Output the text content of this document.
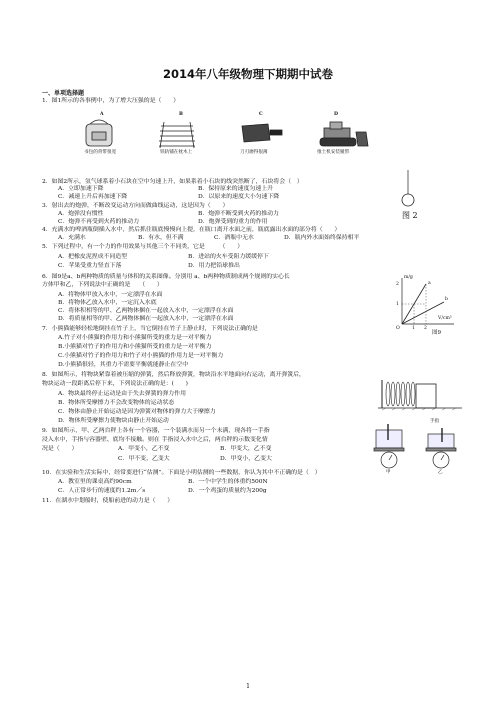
2014年八年级物理下期期中试卷
一、单项选择题
1．图1所示的各事例中，为了增大压强的是（　　）
A	B	C	D
书包的背带很宽	铁轨铺在枕木上	刀刃磨得很薄	推土机安装履带
2．如图2所示，氢气球系着小石块在空中匀速上升，如果系着小石块的线突然断了，石块将会（　）
A．立即加速下降	B．保持原来的速度匀速上升
C．减速上升后再加速下降	D．以原来的速度大小匀速下降
图 2
3．射出去的炮弹，不断改变运动方向而做曲线运动，这是因为（　　）
A．炮弹没有惯性	B．炮弹不断受到火药的推动力
C．炮弹不再受到火药的推动力	D．炮弹受到的重力的作用
4．充满水的啤酒瓶倒插入水中，然后抓住瓶底慢慢向上提，在瓶口离开水面之前，瓶底露出水面的部分将（　　）
A．充满水	B．有水，但不满	C．酒瓶中无水	D．瓶内外水面始终保持相平
5．下列过程中，有一个力的作用效果与其他三个不同类，它是　　　（　　）
A．把橡皮泥捏成不同造型	B．进站的火车受阻力缓缓停下
C．苹果受重力竖直下落	D．用力把铅球推出
6．图9是a、b两种物质的质量与体积的关系图像。分别用 a、b两种物质制成两个规则的实心长
方体甲和乙，下列说法中正确的是　　（　　）
A．将物体甲放入水中，一定漂浮在水面
B．将物体乙放入水中，一定沉入水底
C．将体积相等的甲、乙两物体捆在一起放入水中，一定漂浮在水面
D．将质量相等的甲、乙两物体捆在一起放入水中，一定漂浮在水面
m/g
V/cm³
2
1
1 2
O
a
b
图9
7．小熊猫能够轻松地倒挂在竹子上，当它倒挂在竹子上静止时，下列说法正确的是
A.竹子对小熊猫的作用力和小熊猫所受的重力是一对平衡力
B.小熊猫对竹子的作用力和小熊猫所受的重力是一对平衡力
C.小熊猫对竹子的作用力和竹子对小熊猫的作用力是一对平衡力
D.小熊猫很轻，其重力不需要平衡就能静止在空中
8．如图所示，将物块紧靠着被压缩的弹簧，然后释放弹簧，物块沿水平地面向右运动，离开弹簧后，
物块运动一段距离后停下来，下列说法正确的是：(　　)
A．物块最终停止运动是由于失去弹簧的弹力作用
B．物体所受摩擦力不会改变物体的运动状态
C．物体由静止开始运动是因为弹簧对物体的弹力大于摩擦力
D．物体所受摩擦力使物块由静止开始运动
9．如图所示，甲、乙两台秤上各有一个容器，一个装满水而另一个未满，现各将一手指
浸入水中，手指与容器壁、底均不接触。则在 手指浸入水中之后，两台秤的示数变化情
况是（　　）	A．甲变小，乙不变	B．甲变大，乙不变
C．甲不变，乙变大	D．甲变小，乙变大
手指
甲	乙
10．在实验和生活实际中，经常要进行“估测”。下面是小明估测的一些数据，你认为其中不正确的是（　）
A．教室里的课桌高约90cm	B．一个中学生的体重约500N
C．人正常步行的速度约1.2m／s	D．一个鸡蛋的质量约为200g
11．在湖水中划船时，使船前进的动力是（　　）
1
